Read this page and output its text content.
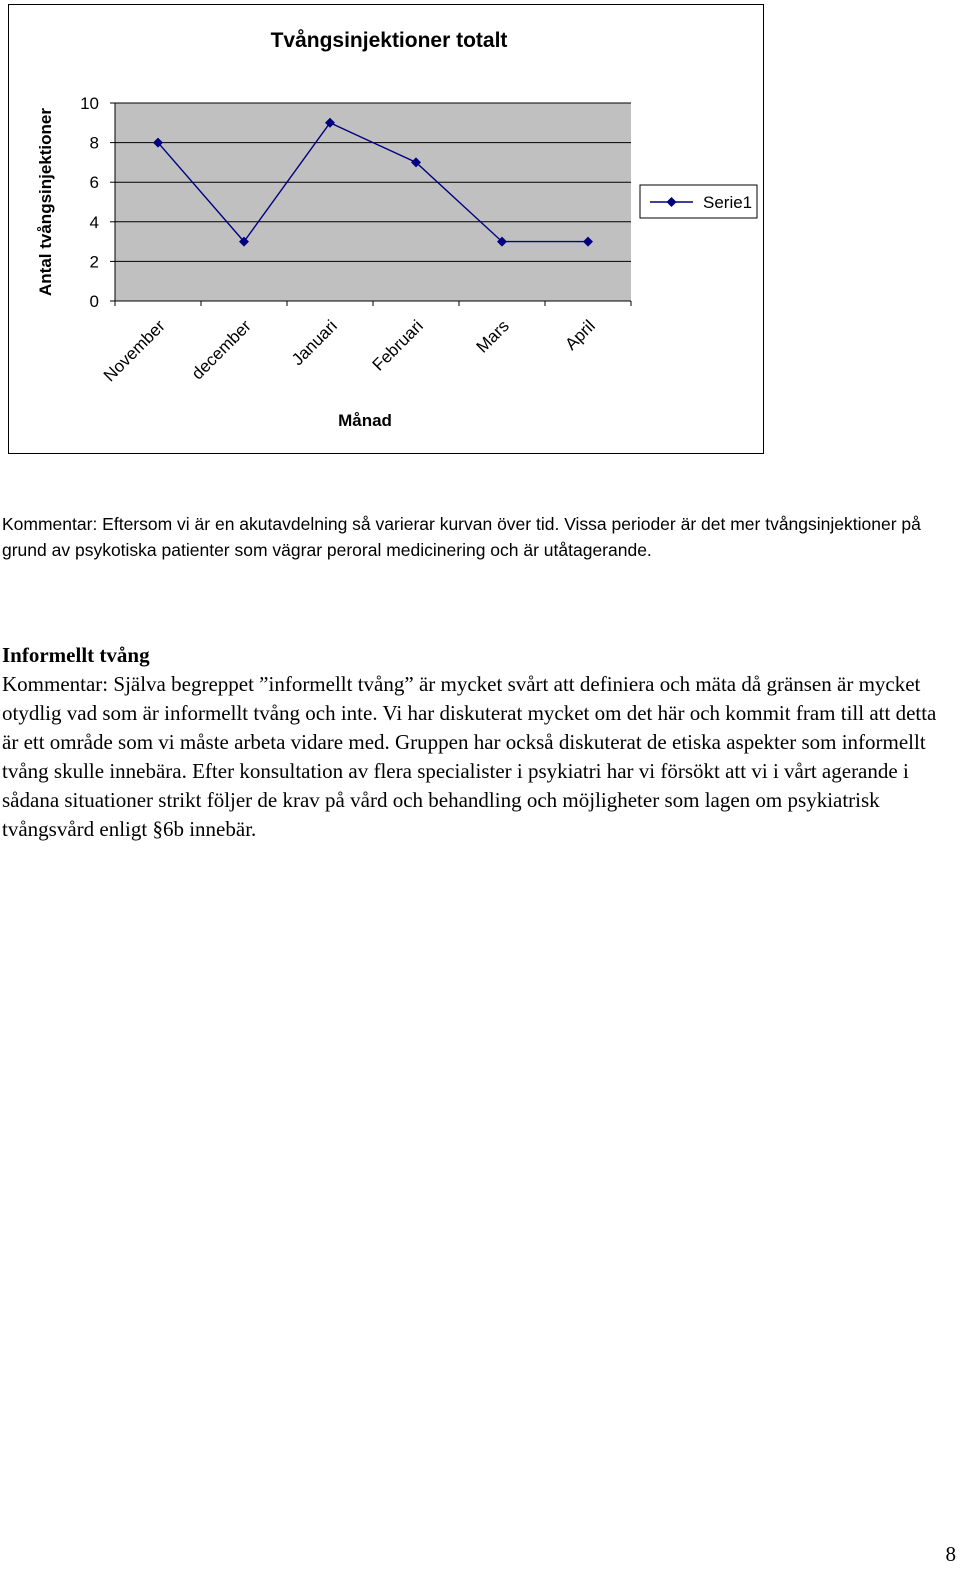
Tvångsinjektioner totalt
Antal tvångsinjektioner
Månad
0
2
4
6
8
10
November december Januari Februari	Mars	April
Serie1

Kommentar: Eftersom vi är en akutavdelning så varierar kurvan över tid. Vissa perioder är det mer tvångsinjektioner på grund av psykotiska patienter som vägrar peroral medicinering och är utåtagerande.

Informellt tvång

Kommentar: Själva begreppet ”informellt tvång” är mycket svårt att definiera och mäta då gränsen är mycket otydlig vad som är informellt tvång och inte. Vi har diskuterat mycket om det här och kommit fram till att detta är ett område som vi måste arbeta vidare med. Gruppen har också diskuterat de etiska aspekter som informellt tvång skulle innebära. Efter konsultation av flera specialister i psykiatri har vi försökt att vi i vårt agerande i sådana situationer strikt följer de krav på vård och behandling och möjligheter som lagen om psykiatrisk tvångsvård enligt §6b innebär.

8
